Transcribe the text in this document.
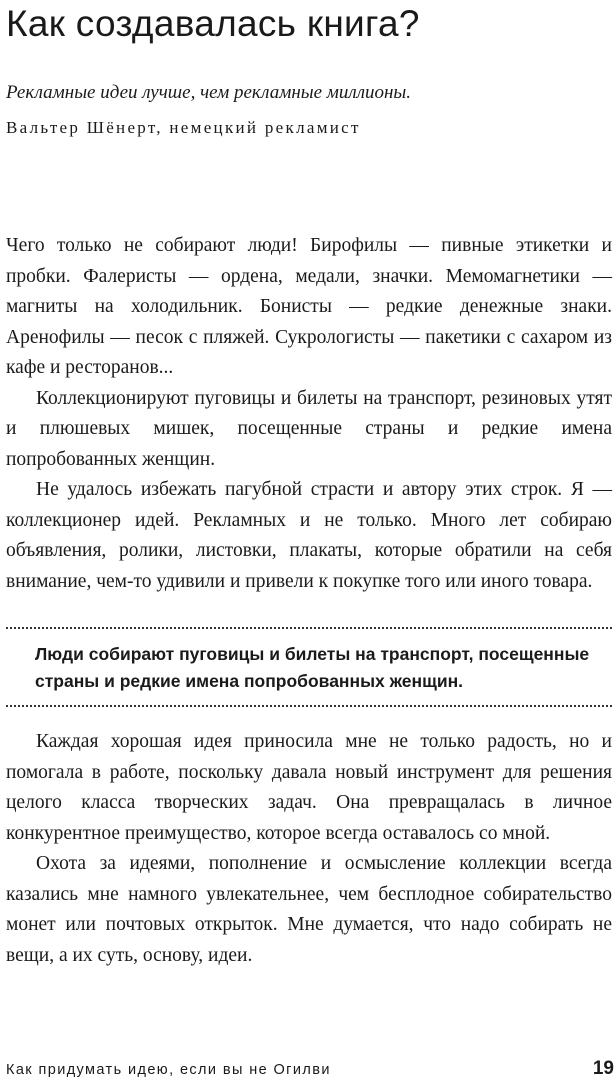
Как создавалась книга?

Рекламные идеи лучше, чем рекламные миллионы.

Вальтер Шёнерт, немецкий рекламист

Чего только не собирают люди! Бирофилы — пивные этикетки и пробки. Фалеристы — ордена, медали, значки. Мемомагнетики — магниты на холодильник. Бонисты — редкие денежные знаки. Аренофилы — песок с пляжей. Сукрологисты — пакетики с сахаром из кафе и ресторанов...

Коллекционируют пуговицы и билеты на транспорт, резиновых утят и плюшевых мишек, посещенные страны и редкие имена попробованных женщин.

Не удалось избежать пагубной страсти и автору этих строк. Я — коллекционер идей. Рекламных и не только. Много лет собираю объявления, ролики, листовки, плакаты, которые обратили на себя внимание, чем-то удивили и привели к покупке того или иного товара.

Люди собирают пуговицы и билеты на транспорт, посещенные страны и редкие имена попробованных женщин.

Каждая хорошая идея приносила мне не только радость, но и помогала в работе, поскольку давала новый инструмент для решения целого класса творческих задач. Она превращалась в личное конкурентное преимущество, которое всегда оставалось со мной.

Охота за идеями, пополнение и осмысление коллекции всегда казались мне намного увлекательнее, чем бесплодное собирательство монет или почтовых открыток. Мне думается, что надо собирать не вещи, а их суть, основу, идеи.

Как придумать идею, если вы не Огилви	19
